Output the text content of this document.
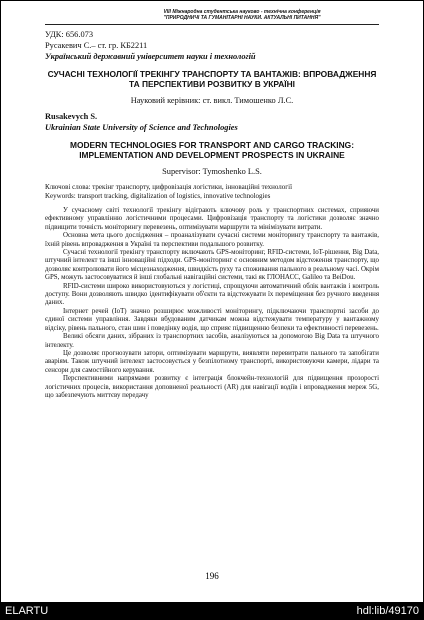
VIII Міжнародна студентська науково - технічна конференція
"ПРИРОДНИЧІ ТА ГУМАНІТАРНІ НАУКИ. АКТУАЛЬНІ ПИТАННЯ"
УДК: 656.073
Русакевич С.– ст. гр. КБ2211
Український державний університет науки і технологій
СУЧАСНІ ТЕХНОЛОГІЇ ТРЕКІНГУ ТРАНСПОРТУ ТА ВАНТАЖІВ: ВПРОВАДЖЕННЯ ТА ПЕРСПЕКТИВИ РОЗВИТКУ В УКРАЇНІ
Науковий керівник: ст. викл. Тимошенко Л.С.
Rusakevych S.
Ukrainian State University of Science and Technologies
MODERN TECHNOLOGIES FOR TRANSPORT AND CARGO TRACKING: IMPLEMENTATION AND DEVELOPMENT PROSPECTS IN UKRAINE
Supervisor: Tymoshenko L.S.
Ключові слова: трекінг транспорту, цифровізація логістики, інноваційні технології
Keywords: transport tracking, digitalization of logistics, innovative technologies

У сучасному світі технології трекінгу відіграють ключову роль у транспортних системах, сприяючи ефективному управлінню логістичними процесами. Цифровізація транспорту та логістики дозволяє значно підвищити точність моніторингу перевезень, оптимізувати маршрути та мінімізувати витрати.

Основна мета цього дослідження – проаналізувати сучасні системи моніторингу транспорту та вантажів, їхній рівень впровадження в Україні та перспективи подальшого розвитку.

Сучасні технології трекінгу транспорту включають GPS-моніторинг, RFID-системи, IoT-рішення, Big Data, штучний інтелект та інші інноваційні підходи. GPS-моніторинг є основним методом відстеження транспорту, що дозволяє контролювати його місцезнаходження, швидкість руху та споживання пального в реальному часі. Окрім GPS, можуть застосовуватися й інші глобальні навігаційні системи, такі як ГЛОНАСС, Galileo та BeiDou.

RFID-системи широко використовуються у логістиці, спрощуючи автоматичний облік вантажів і контроль доступу. Вони дозволяють швидко ідентифікувати об'єкти та відстежувати їх переміщення без ручного введення даних.

Інтернет речей (IoT) значно розширює можливості моніторингу, підключаючи транспортні засоби до єдиної системи управління. Завдяки вбудованим датчикам можна відстежувати температуру у вантажному відсіку, рівень пального, стан шин і поведінку водія, що сприяє підвищенню безпеки та ефективності перевезень.

Великі обсяги даних, зібраних із транспортних засобів, аналізуються за допомогою Big Data та штучного інтелекту.

Це дозволяє прогнозувати затори, оптимізувати маршрути, виявляти перевитрати пального та запобігати аваріям. Також штучний інтелект застосовується у безпілотному транспорті, використовуючи камери, лідари та сенсори для самостійного керування.

Перспективними напрямами розвитку є інтеграція блокчейн-технологій для підвищення прозорості логістичних процесів, використання доповненої реальності (AR) для навігації водіїв і впровадження мереж 5G, що забезпечують миттєву передачу

196
ELARTU	hdl:lib/49170
